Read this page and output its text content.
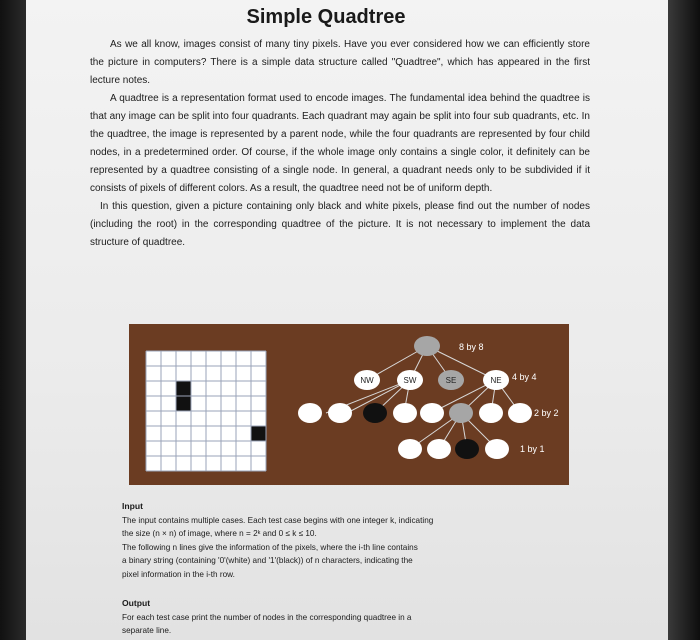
Simple Quadtree

As we all know, images consist of many tiny pixels. Have you ever considered how we can efficiently store the picture in computers? There is a simple data structure called "Quadtree", which has appeared in the first lecture notes.

A quadtree is a representation format used to encode images. The fundamental idea behind the quadtree is that any image can be split into four quadrants. Each quadrant may again be split into four sub quadrants, etc. In the quadtree, the image is represented by a parent node, while the four quadrants are represented by four child nodes, in a predetermined order. Of course, if the whole image only contains a single color, it definitely can be represented by a quadtree consisting of a single node. In general, a quadrant needs only to be subdivided if it consists of pixels of different colors. As a result, the quadtree need not be of uniform depth.

In this question, given a picture containing only black and white pixels, please find out the number of nodes (including the root) in the corresponding quadtree of the picture. It is not necessary to implement the data structure of quadtree.

8 by 8
NW	SW	SE	NE 4 by 4
2 by 2
1 by 1

Input

The input contains multiple cases. Each test case begins with one integer k, indicating

the size (n × n) of image, where n = 2ᵏ and 0 ≤ k ≤ 10.

The following n lines give the information of the pixels, where the i-th line contains

a binary string (containing '0'(white) and '1'(black)) of n characters, indicating the

pixel information in the i-th row.

Output

For each test case print the number of nodes in the corresponding quadtree in a

separate line.
